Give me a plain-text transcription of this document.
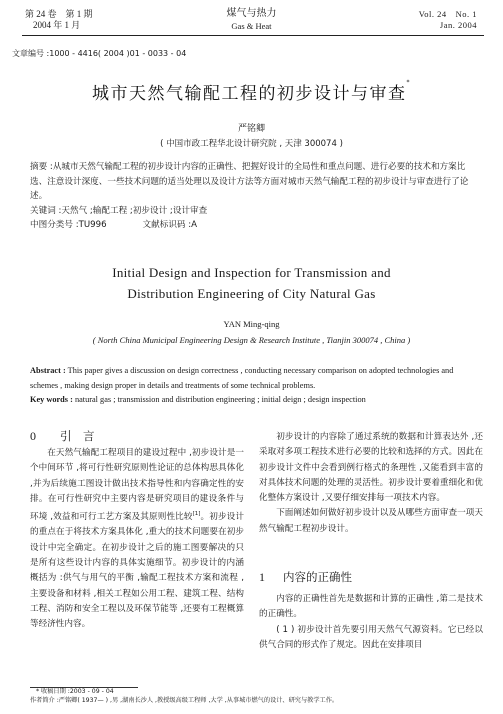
第 24 卷　第 1 期
2004 年 1 月
煤气与热力
Gas & Heat
Vol. 24　No. 1
Jan. 2004
文章编号 :1000 - 4416( 2004 )01 - 0033 - 04
城市天然气输配工程的初步设计与审查*
严铭卿
( 中国市政工程华北设计研究院 , 天津 300074 )
摘要 :从城市天然气输配工程的初步设计内容的正确性、把握好设计的全局性和重点问题、进行必要的技术和方案比选、注意设计深度、一些技术问题的适当处理以及设计方法等方面对城市天然气输配工程的初步设计与审查进行了论述。
关键词 :天然气 ;输配工程 ;初步设计 ;设计审查
中图分类号 :TU996	文献标识码 :A
Initial Design and Inspection for Transmission and
Distribution Engineering of City Natural Gas
YAN Ming-qing
( North China Municipal Engineering Design & Research Institute , Tianjin 300074 , China )
Abstract : This paper gives a discussion on design correctness , conducting necessary comparison on adopted technologies and schemes , making design proper in details and treatments of some technical problems.
Key words : natural gas ; transmission and distribution engineering ; initial deign ; design inspection
0 引　言

在天然气输配工程项目的建设过程中 ,初步设计是一个中间环节 ,将可行性研究原则性论证的总体构思具体化 ,并为后续施工图设计做出技术指导性和内容确定性的安排。在可行性研究中主要内容是研究项目的建设条件与环境 ,效益和可行工艺方案及其原则性比较[1]。初步设计的重点在于将技术方案具体化 ,重大的技术问题要在初步设计中完全确定。在初步设计之后的施工图要解决的只是所有这些设计内容的具体实施细节。初步设计的内涵概括为 :供气与用气的平衡 ,输配工程技术方案和流程 ,主要设备和材料 ,相关工程如公用工程、建筑工程、结构工程、消防和安全工程以及环保节能等 ,还要有工程概算等经济性内容。

初步设计的内容除了通过系统的数据和计算表达外 ,还采取对多项工程技术进行必要的比较和选择的方式。因此在初步设计文件中会看到例行格式的条理性 ,又能看到丰富的对具体技术问题的处理的灵活性。初步设计要着重细化和优化整体方案设计 ,又要仔细安排每一项技术内容。

下面阐述如何做好初步设计以及从哪些方面审查一项天然气输配工程初步设计。

1 内容的正确性

内容的正确性首先是数据和计算的正确性 ,第二是技术的正确性。

( 1 ) 初步设计首先要引用天然气气源资料。它已经以供气合同的形式作了规定。因此在安排项目

* 收稿日期 :2003 - 09 - 04
作者简介 :严铭卿( 1937— ) ,男 ,湖南长沙人 ,教授级高级工程师 ,大学 ,从事城市燃气的设计、研究与教学工作。
